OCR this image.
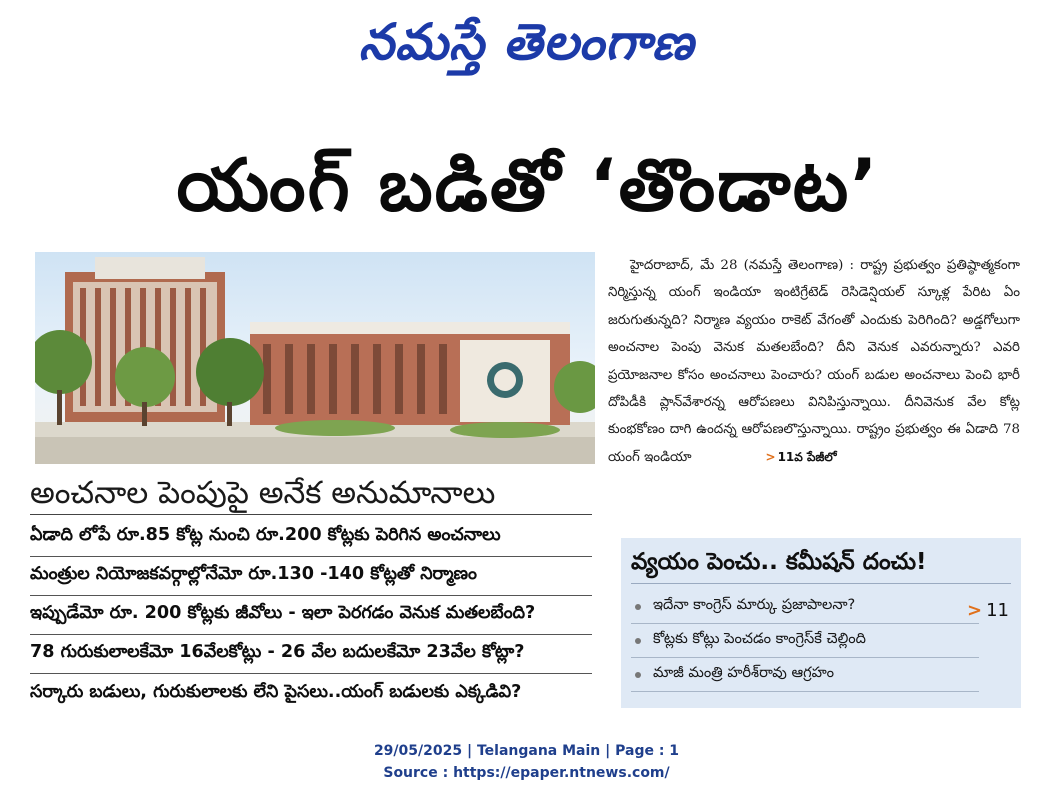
నమస్తే తెలంగాణ
యంగ్ బడితో ‘తొండాట’

హైదరాబాద్, మే 28 (నమస్తే తెలంగాణ) : రాష్ట్ర ప్రభుత్వం ప్రతిష్ఠాత్మకంగా నిర్మిస్తున్న యంగ్ ఇండియా ఇంటిగ్రేటెడ్ రెసిడెన్షియల్ స్కూళ్ల పేరిట ఏం జరుగుతున్నది? నిర్మాణ వ్యయం రాకెట్ వేగంతో ఎందుకు పెరిగింది? అడ్డగోలుగా అంచనాల పెంపు వెనుక మతలబేంది? దీని వెనుక ఎవరున్నారు? ఎవరి ప్రయోజనాల కోసం అంచనాలు పెంచారు? యంగ్ బడుల అంచనాలు పెంచి భారీ దోపిడీకి ప్లాన్‌వేశారన్న ఆరోపణలు వినిపిస్తున్నాయి. దీనివెనుక వేల కోట్ల కుంభకోణం దాగి ఉందన్న ఆరోపణలొస్తున్నాయి. రాష్ట్రం ప్రభుత్వం ఈ ఏడాది 78 యంగ్ ఇండియా	> 11వ పేజీలో

అంచనాల పెంపుపై అనేక అనుమానాలు
ఏడాది లోపే రూ.85 కోట్ల నుంచి రూ.200 కోట్లకు పెరిగిన అంచనాలు
మంత్రుల నియోజకవర్గాల్లోనేమో రూ.130 -140 కోట్లతో నిర్మాణం
ఇప్పుడేమో రూ. 200 కోట్లకు జీవోలు - ఇలా పెరగడం వెనుక మతలబేంది?
78 గురుకులాలకేమో 16వేలకోట్లు - 26 వేల బదులకేమో 23వేల కోట్లా?
సర్కారు బడులు, గురుకులాలకు లేని పైసలు..యంగ్ బడులకు ఎక్కడివి?
వ్యయం పెంచు.. కమీషన్ దంచు!
ఇదేనా కాంగ్రెస్ మార్కు ప్రజాపాలనా?
కోట్లకు కోట్లు పెంచడం కాంగ్రెస్‌కే చెల్లింది
మాజీ మంత్రి హరీశ్‌రావు ఆగ్రహం
> 11
29/05/2025 | Telangana Main | Page : 1
Source : https://epaper.ntnews.com/
